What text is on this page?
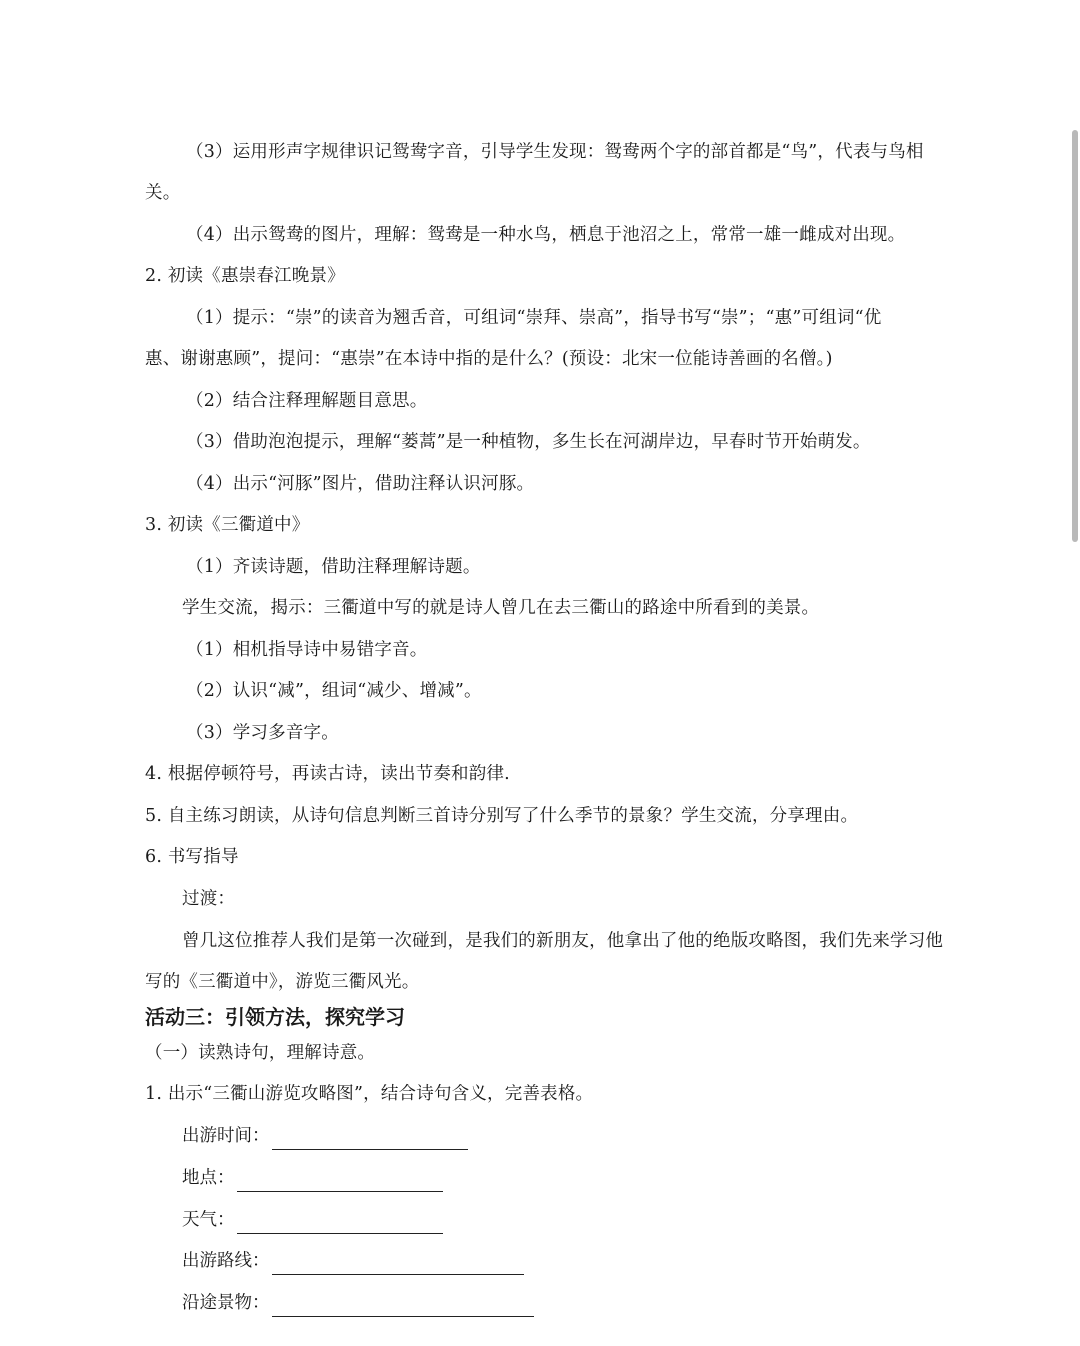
（3）运用形声字规律识记鸳鸯字音，引导学生发现：鸳鸯两个字的部首都是“鸟”，代表与鸟相
关。
（4）出示鸳鸯的图片，理解：鸳鸯是一种水鸟，栖息于池沼之上，常常一雄一雌成对出现。
2. 初读《惠崇春江晚景》
（1）提示：“崇”的读音为翘舌音，可组词“崇拜、崇高”，指导书写“崇”；“惠”可组词“优
惠、谢谢惠顾”，提问：“惠崇”在本诗中指的是什么？(预设：北宋一位能诗善画的名僧。)
（2）结合注释理解题目意思。
（3）借助泡泡提示，理解“蒌蒿”是一种植物，多生长在河湖岸边，早春时节开始萌发。
（4）出示“河豚”图片，借助注释认识河豚。
3. 初读《三衢道中》
（1）齐读诗题，借助注释理解诗题。
学生交流，揭示：三衢道中写的就是诗人曾几在去三衢山的路途中所看到的美景。
（1）相机指导诗中易错字音。
（2）认识“减”，组词“减少、增减”。
（3）学习多音字。
4. 根据停顿符号，再读古诗，读出节奏和韵律.
5. 自主练习朗读，从诗句信息判断三首诗分别写了什么季节的景象？学生交流，分享理由。
6. 书写指导
过渡：
曾几这位推荐人我们是第一次碰到，是我们的新朋友，他拿出了他的绝版攻略图，我们先来学习他
写的《三衢道中》，游览三衢风光。
活动三：引领方法，探究学习
（一）读熟诗句，理解诗意。
1. 出示“三衢山游览攻略图”，结合诗句含义，完善表格。
出游时间：
地点：
天气：
出游路线：
沿途景物：
